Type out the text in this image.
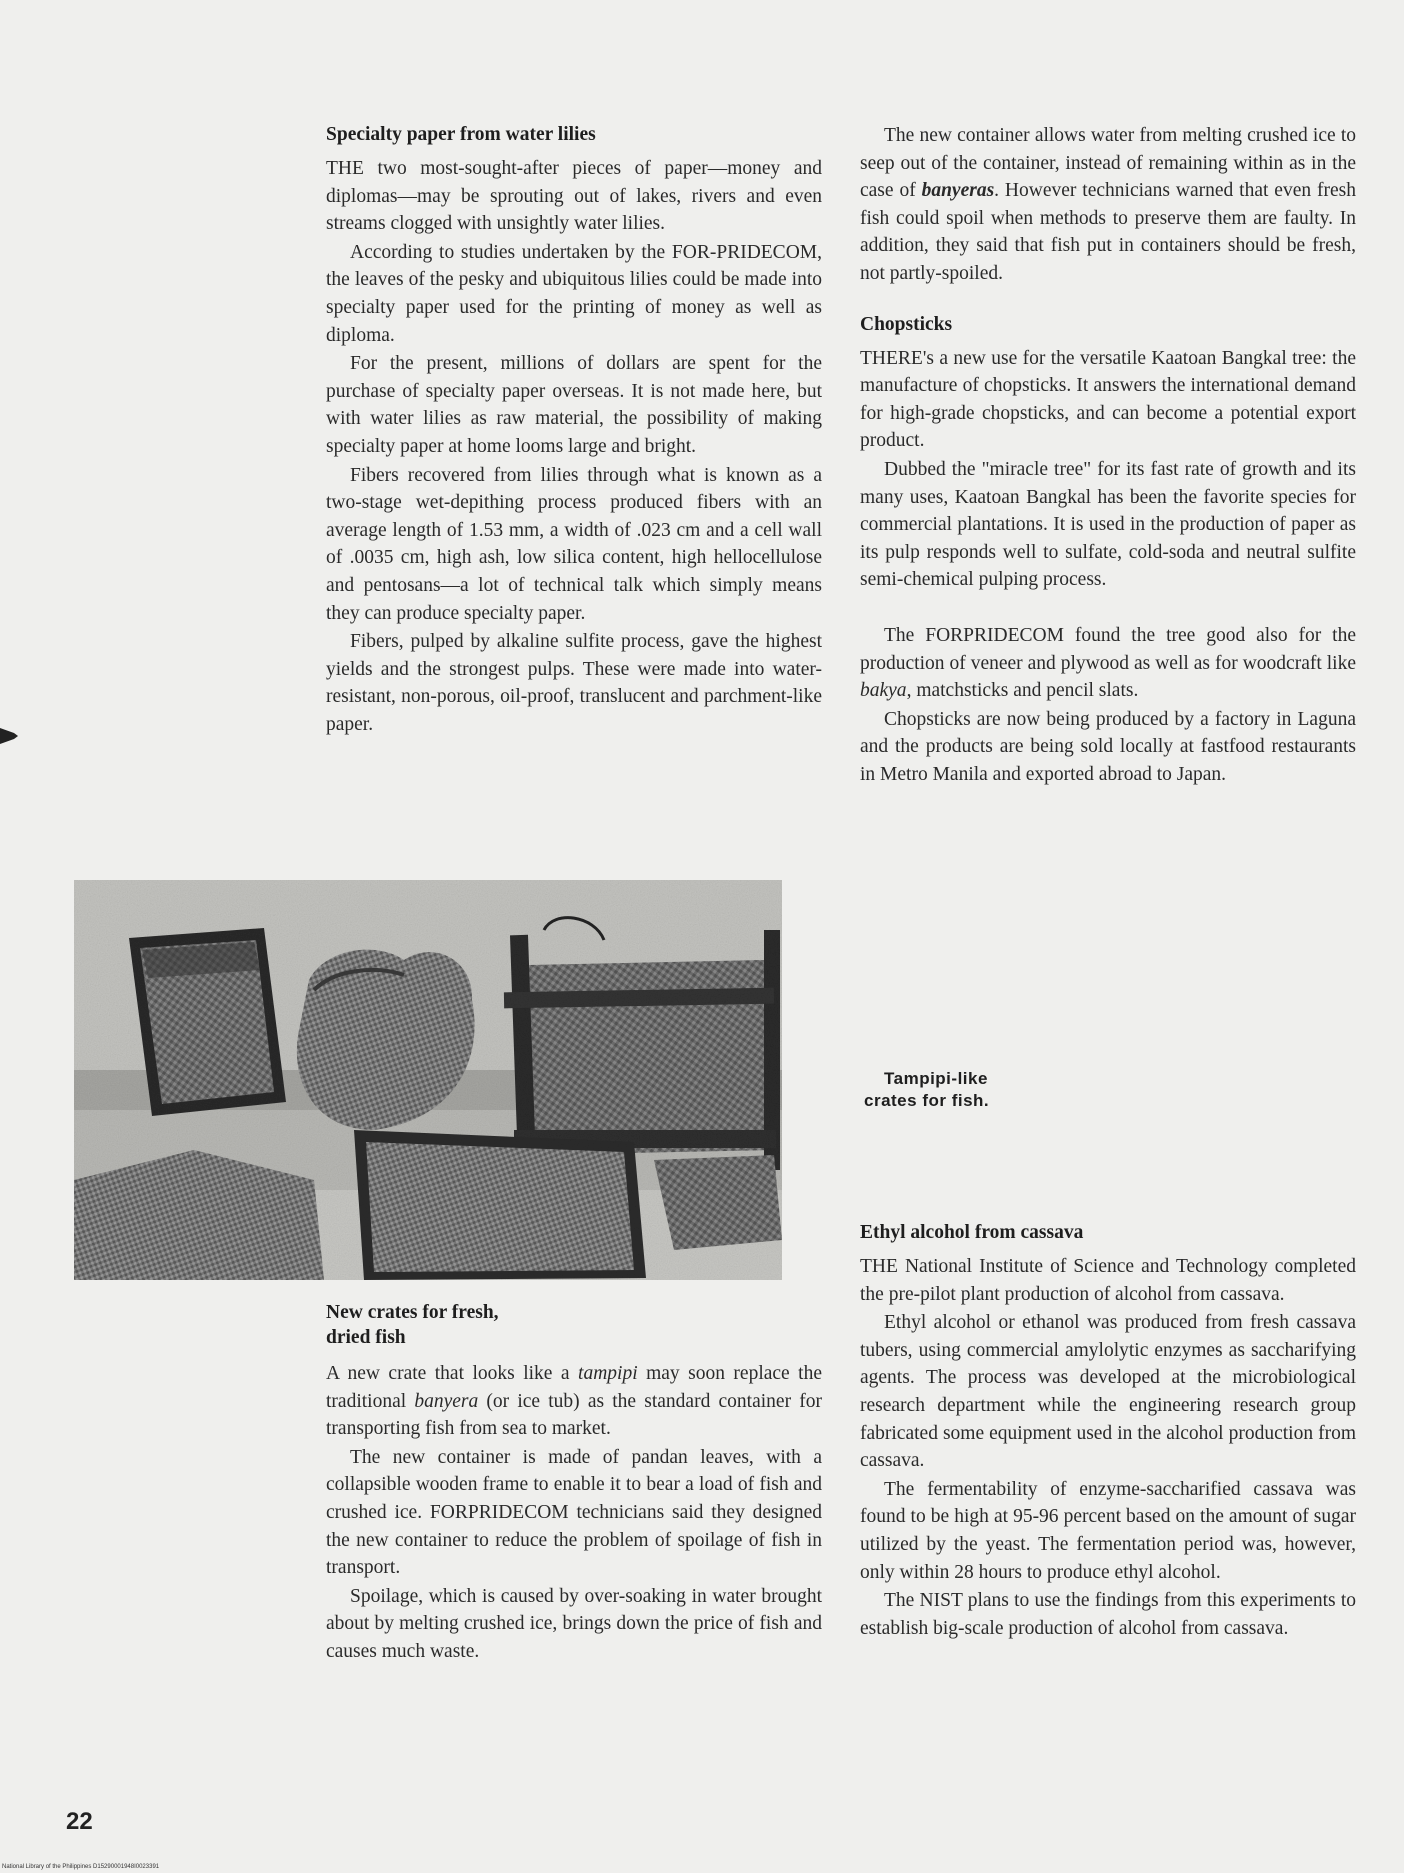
Specialty paper from water lilies

THE two most-sought-after pieces of paper—money and diplomas—may be sprouting out of lakes, rivers and even streams clogged with unsightly water lilies.

According to studies undertaken by the FOR-PRIDECOM, the leaves of the pesky and ubiquitous lilies could be made into specialty paper used for the printing of money as well as diploma.

For the present, millions of dollars are spent for the purchase of specialty paper overseas. It is not made here, but with water lilies as raw material, the possibility of making specialty paper at home looms large and bright.

Fibers recovered from lilies through what is known as a two-stage wet-depithing process produced fibers with an average length of 1.53 mm, a width of .023 cm and a cell wall of .0035 cm, high ash, low silica content, high hellocellulose and pentosans—a lot of technical talk which simply means they can produce specialty paper.

Fibers, pulped by alkaline sulfite process, gave the highest yields and the strongest pulps. These were made into water-resistant, non-porous, oil-proof, translucent and parchment-like paper.

Tampipi-like
crates for fish.
New crates for fresh,
dried fish

A new crate that looks like a tampipi may soon replace the traditional banyera (or ice tub) as the standard container for transporting fish from sea to market.

The new container is made of pandan leaves, with a collapsible wooden frame to enable it to bear a load of fish and crushed ice. FORPRIDECOM technicians said they designed the new container to reduce the problem of spoilage of fish in transport.

Spoilage, which is caused by over-soaking in water brought about by melting crushed ice, brings down the price of fish and causes much waste.

The new container allows water from melting crushed ice to seep out of the container, instead of remaining within as in the case of banyeras. However technicians warned that even fresh fish could spoil when methods to preserve them are faulty. In addition, they said that fish put in containers should be fresh, not partly-spoiled.

Chopsticks

THERE's a new use for the versatile Kaatoan Bangkal tree: the manufacture of chopsticks. It answers the international demand for high-grade chopsticks, and can become a potential export product.

Dubbed the "miracle tree" for its fast rate of growth and its many uses, Kaatoan Bangkal has been the favorite species for commercial plantations. It is used in the production of paper as its pulp responds well to sulfate, cold-soda and neutral sulfite semi-chemical pulping process.

The FORPRIDECOM found the tree good also for the production of veneer and plywood as well as for woodcraft like bakya, matchsticks and pencil slats.

Chopsticks are now being produced by a factory in Laguna and the products are being sold locally at fastfood restaurants in Metro Manila and exported abroad to Japan.

Ethyl alcohol from cassava

THE National Institute of Science and Technology completed the pre-pilot plant production of alcohol from cassava.

Ethyl alcohol or ethanol was produced from fresh cassava tubers, using commercial amylolytic enzymes as saccharifying agents. The process was developed at the microbiological research department while the engineering research group fabricated some equipment used in the alcohol production from cassava.

The fermentability of enzyme-saccharified cassava was found to be high at 95-96 percent based on the amount of sugar utilized by the yeast. The fermentation period was, however, only within 28 hours to produce ethyl alcohol.

The NIST plans to use the findings from this experiments to establish big-scale production of alcohol from cassava.

22
National Library of the Philippines D15290001948I0023391
